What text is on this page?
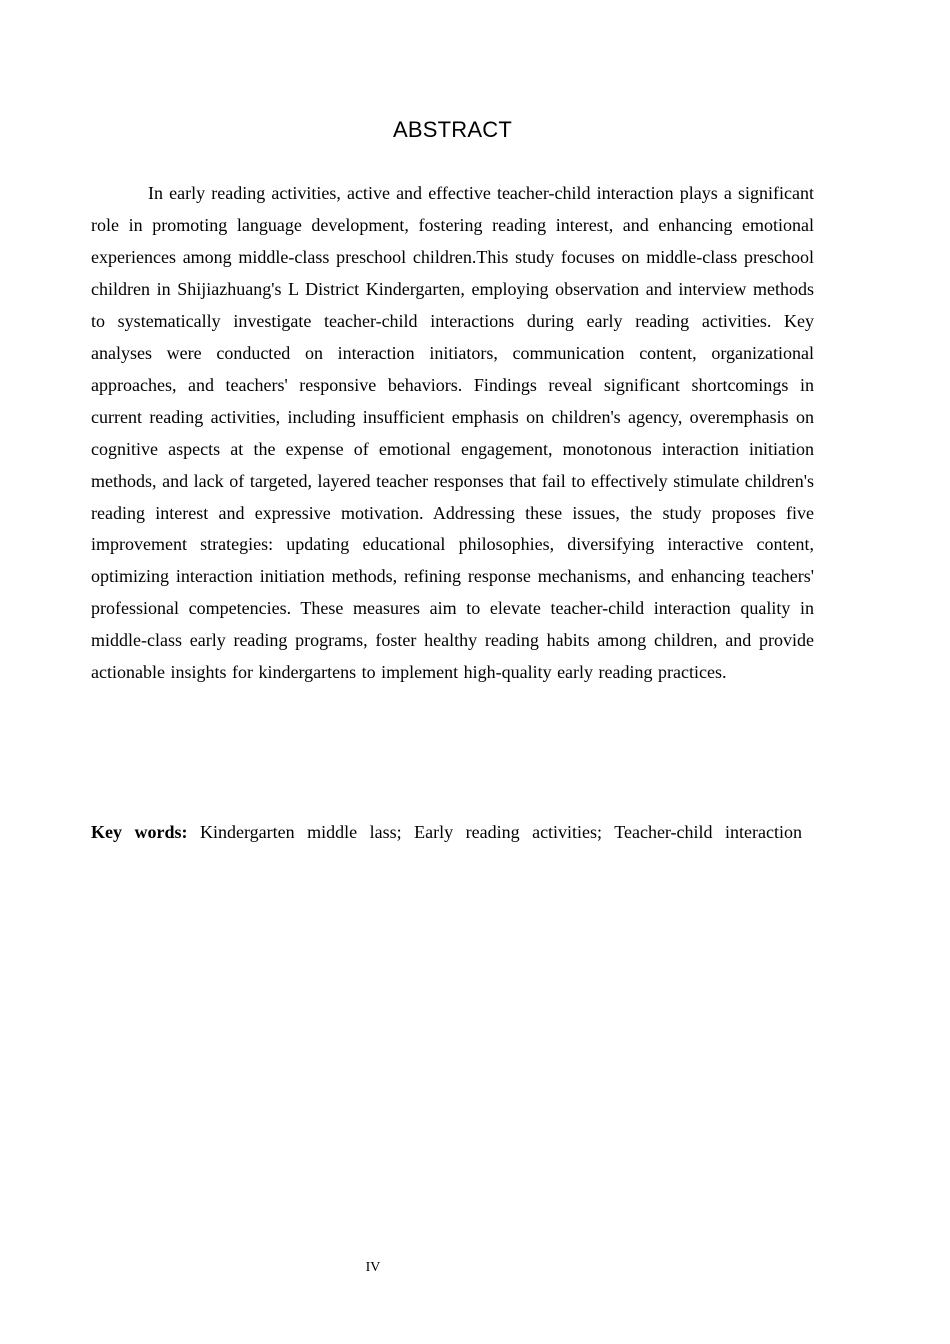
ABSTRACT

In early reading activities, active and effective teacher-child interaction plays a significant role in promoting language development, fostering reading interest, and enhancing emotional experiences among middle-class preschool children.This study focuses on middle-class preschool children in Shijiazhuang's L District Kindergarten, employing observation and interview methods to systematically investigate teacher-child interactions during early reading activities. Key analyses were conducted on interaction initiators, communication content, organizational approaches, and teachers' responsive behaviors. Findings reveal significant shortcomings in current reading activities, including insufficient emphasis on children's agency, overemphasis on cognitive aspects at the expense of emotional engagement, monotonous interaction initiation methods, and lack of targeted, layered teacher responses that fail to effectively stimulate children's reading interest and expressive motivation. Addressing these issues, the study proposes five improvement strategies: updating educational philosophies, diversifying interactive content, optimizing interaction initiation methods, refining response mechanisms, and enhancing teachers' professional competencies. These measures aim to elevate teacher-child interaction quality in middle-class early reading programs, foster healthy reading habits among children, and provide actionable insights for kindergartens to implement high-quality early reading practices.

Key words: Kindergarten middle lass; Early reading activities; Teacher-child interaction

IV
